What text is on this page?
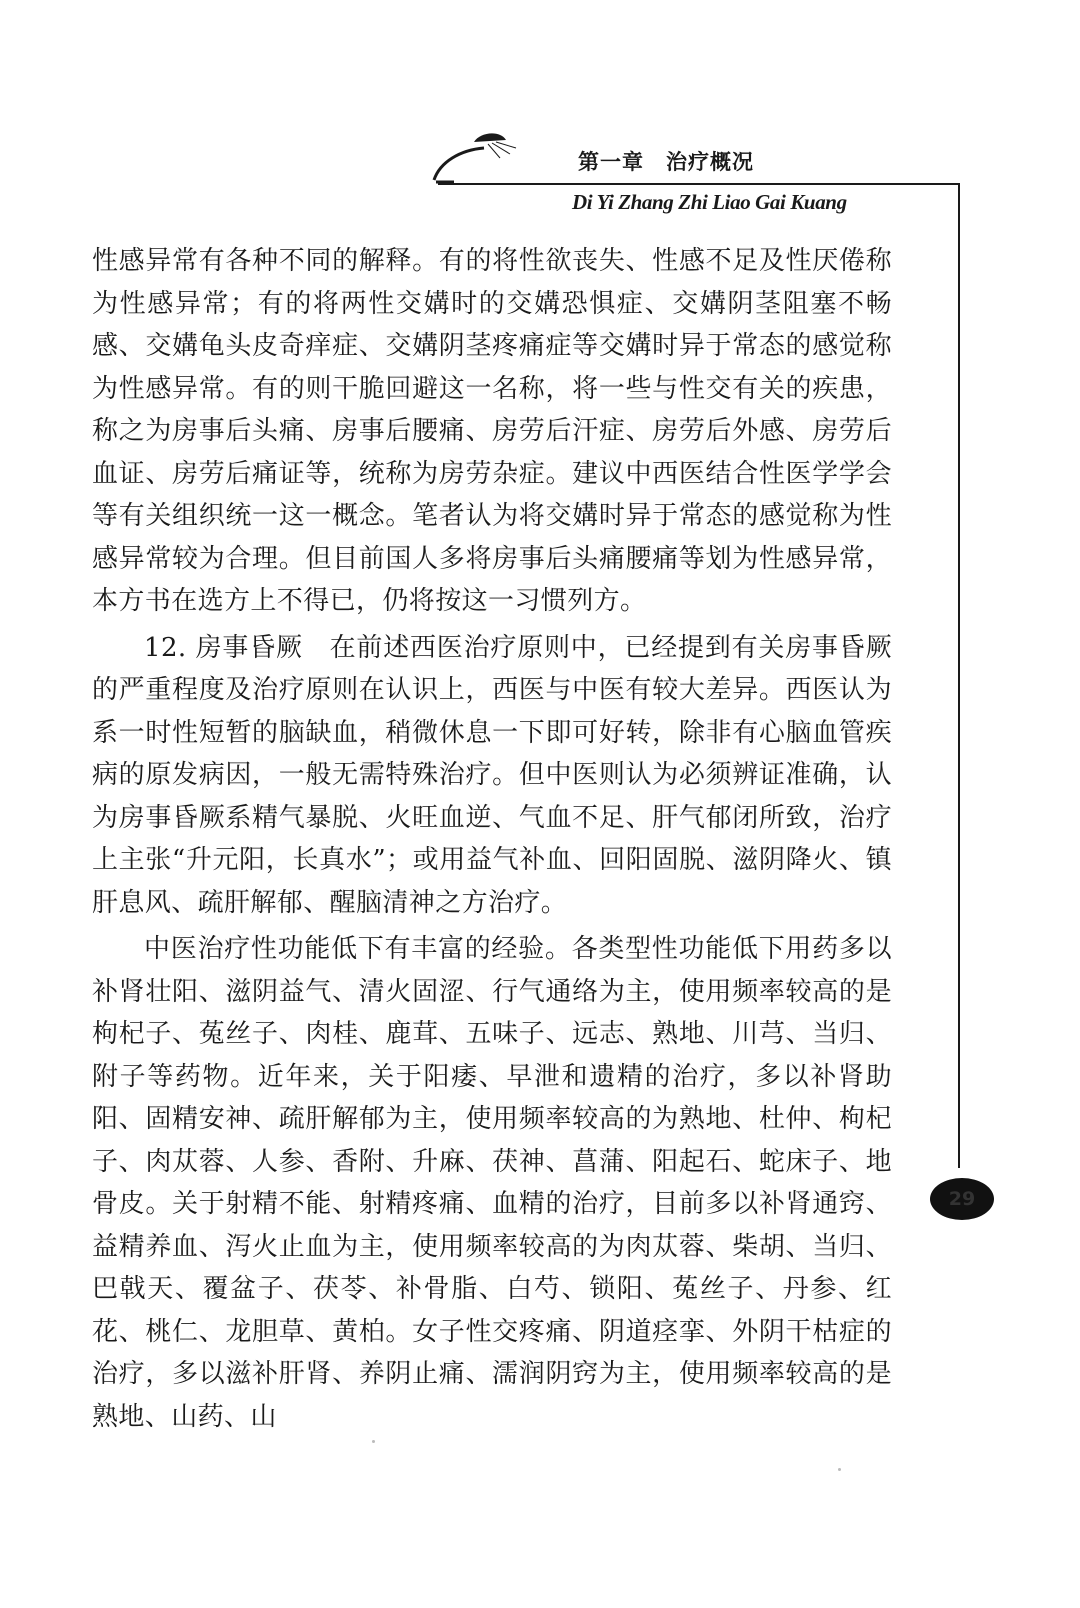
第一章　治疗概况
Di Yi Zhang Zhi Liao Gai Kuang
29

性感异常有各种不同的解释。有的将性欲丧失、性感不足及性厌倦称为性感异常；有的将两性交媾时的交媾恐惧症、交媾阴茎阻塞不畅感、交媾龟头皮奇痒症、交媾阴茎疼痛症等交媾时异于常态的感觉称为性感异常。有的则干脆回避这一名称，将一些与性交有关的疾患，称之为房事后头痛、房事后腰痛、房劳后汗症、房劳后外感、房劳后血证、房劳后痛证等，统称为房劳杂症。建议中西医结合性医学学会等有关组织统一这一概念。笔者认为将交媾时异于常态的感觉称为性感异常较为合理。但目前国人多将房事后头痛腰痛等划为性感异常，本方书在选方上不得已，仍将按这一习惯列方。

12. 房事昏厥　在前述西医治疗原则中，已经提到有关房事昏厥的严重程度及治疗原则在认识上，西医与中医有较大差异。西医认为系一时性短暂的脑缺血，稍微休息一下即可好转，除非有心脑血管疾病的原发病因，一般无需特殊治疗。但中医则认为必须辨证准确，认为房事昏厥系精气暴脱、火旺血逆、气血不足、肝气郁闭所致，治疗上主张“升元阳，长真水”；或用益气补血、回阳固脱、滋阴降火、镇肝息风、疏肝解郁、醒脑清神之方治疗。

中医治疗性功能低下有丰富的经验。各类型性功能低下用药多以补肾壮阳、滋阴益气、清火固涩、行气通络为主，使用频率较高的是枸杞子、菟丝子、肉桂、鹿茸、五味子、远志、熟地、川芎、当归、附子等药物。近年来，关于阳痿、早泄和遗精的治疗，多以补肾助阳、固精安神、疏肝解郁为主，使用频率较高的为熟地、杜仲、枸杞子、肉苁蓉、人参、香附、升麻、茯神、菖蒲、阳起石、蛇床子、地骨皮。关于射精不能、射精疼痛、血精的治疗，目前多以补肾通窍、益精养血、泻火止血为主，使用频率较高的为肉苁蓉、柴胡、当归、巴戟天、覆盆子、茯苓、补骨脂、白芍、锁阳、菟丝子、丹参、红花、桃仁、龙胆草、黄柏。女子性交疼痛、阴道痉挛、外阴干枯症的治疗，多以滋补肝肾、养阴止痛、濡润阴窍为主，使用频率较高的是熟地、山药、山
